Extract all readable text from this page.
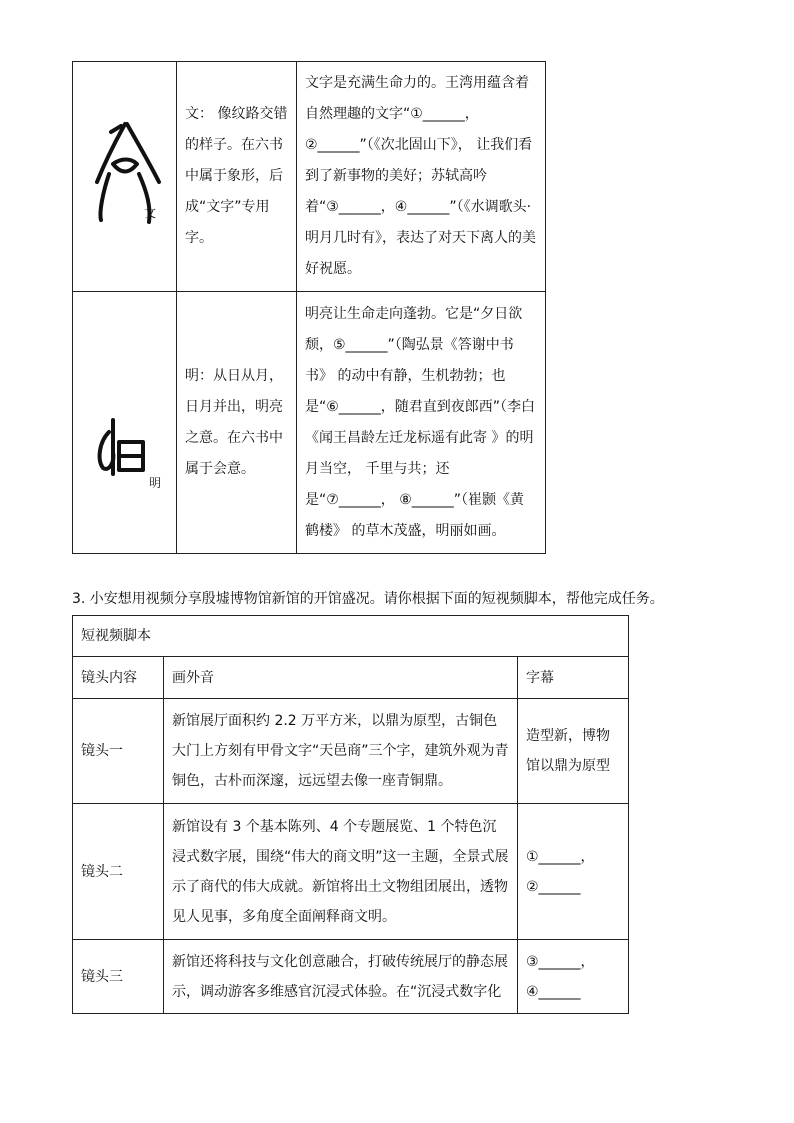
文	文： 像纹路交错的样子。在六书中属于象形，后成“文字”专用字。	文字是充满生命力的。王湾用蕴含着自然理趣的文字“①______，②______”（《次北固山下》， 让我们看到了新事物的美好；苏轼高吟着“③______，④______”（《水调歌头·明月几时有》，表达了对天下离人的美好祝愿。

明	明：从日从月，日月并出，明亮之意。在六书中属于会意。	明亮让生命走向蓬勃。它是“夕日欲颓，⑤______”（陶弘景《答谢中书书》 的动中有静，生机勃勃；也是“⑥______，随君直到夜郎西”（李白《闻王昌龄左迁龙标遥有此寄 》的明月当空， 千里与共；还是“⑦______， ⑧______”（崔颢《黄鹤楼》 的草木茂盛，明丽如画。
3. 小安想用视频分享殷墟博物馆新馆的开馆盛况。请你根据下面的短视频脚本，帮他完成任务。
短视频脚本		
镜头内容	画外音	字幕
镜头一	新馆展厅面积约 2.2 万平方米，以鼎为原型，古铜色大门上方刻有甲骨文字“天邑商”三个字，建筑外观为青铜色，古朴而深邃，远远望去像一座青铜鼎。	造型新，博物馆以鼎为原型
镜头二	新馆设有 3 个基本陈列、4 个专题展览、1 个特色沉浸式数字展，围绕“伟大的商文明”这一主题，全景式展示了商代的伟大成就。新馆将出土文物组团展出，透物见人见事，多角度全面阐释商文明。	①______，②______
镜头三	新馆还将科技与文化创意融合，打破传统展厅的静态展示，调动游客多维感官沉浸式体验。在“沉浸式数字化	③______，④______
